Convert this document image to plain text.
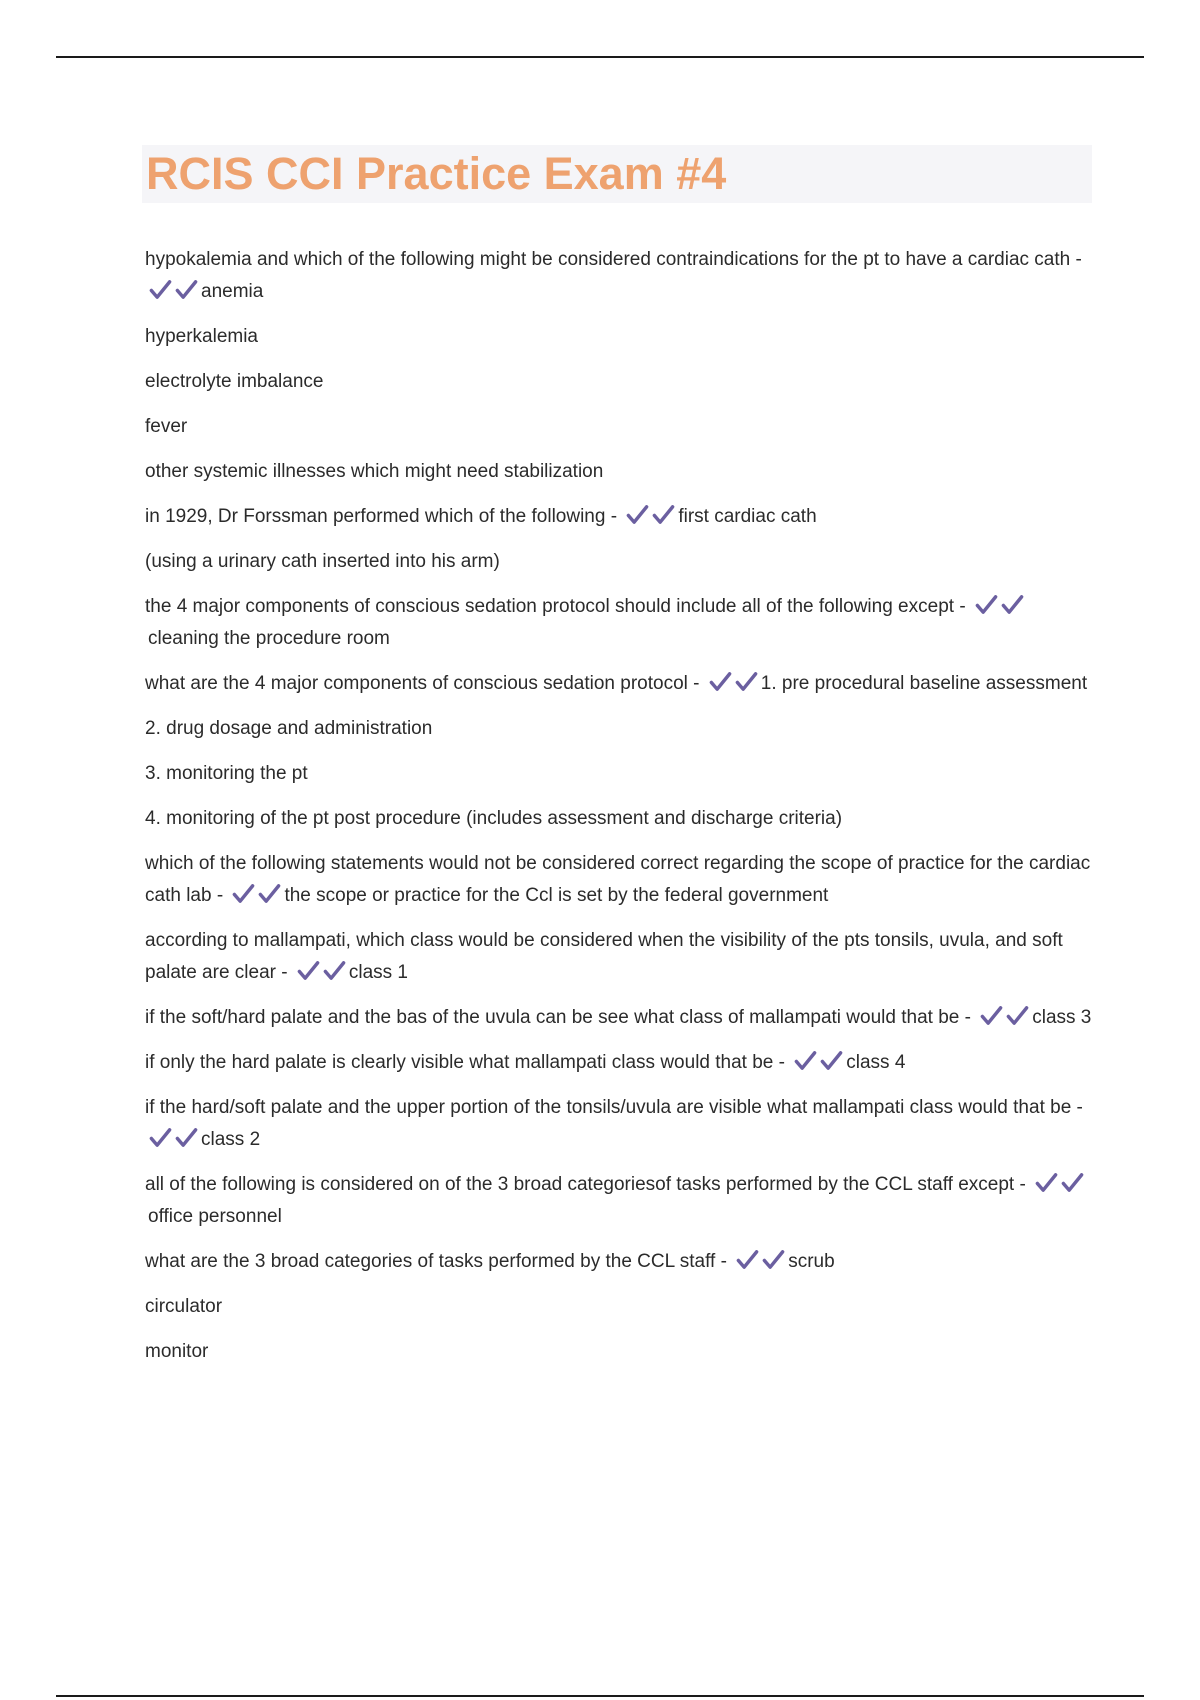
RCIS CCI Practice Exam #4

hypokalemia and which of the following might be considered contraindications for the pt to have a cardiac cath -
anemia

hyperkalemia

electrolyte imbalance

fever

other systemic illnesses which might need stabilization

in 1929, Dr Forssman performed which of the following -	first cardiac cath

(using a urinary cath inserted into his arm)

the 4 major components of conscious sedation protocol should include all of the following except -
cleaning the procedure room

what are the 4 major components of conscious sedation protocol -	1. pre procedural baseline assessment

2. drug dosage and administration

3. monitoring the pt

4. monitoring of the pt post procedure (includes assessment and discharge criteria)

which of the following statements would not be considered correct regarding the scope of practice for the cardiac cath lab -	the scope or practice for the Ccl is set by the federal government

according to mallampati, which class would be considered when the visibility of the pts tonsils, uvula, and soft palate are clear -	class 1

if the soft/hard palate and the bas of the uvula can be see what class of mallampati would that be -	class 3

if only the hard palate is clearly visible what mallampati class would that be -	class 4

if the hard/soft palate and the upper portion of the tonsils/uvula are visible what mallampati class would that be -
class 2

all of the following is considered on of the 3 broad categoriesof tasks performed by the CCL staff except -
office personnel

what are the 3 broad categories of tasks performed by the CCL staff -	scrub

circulator

monitor
